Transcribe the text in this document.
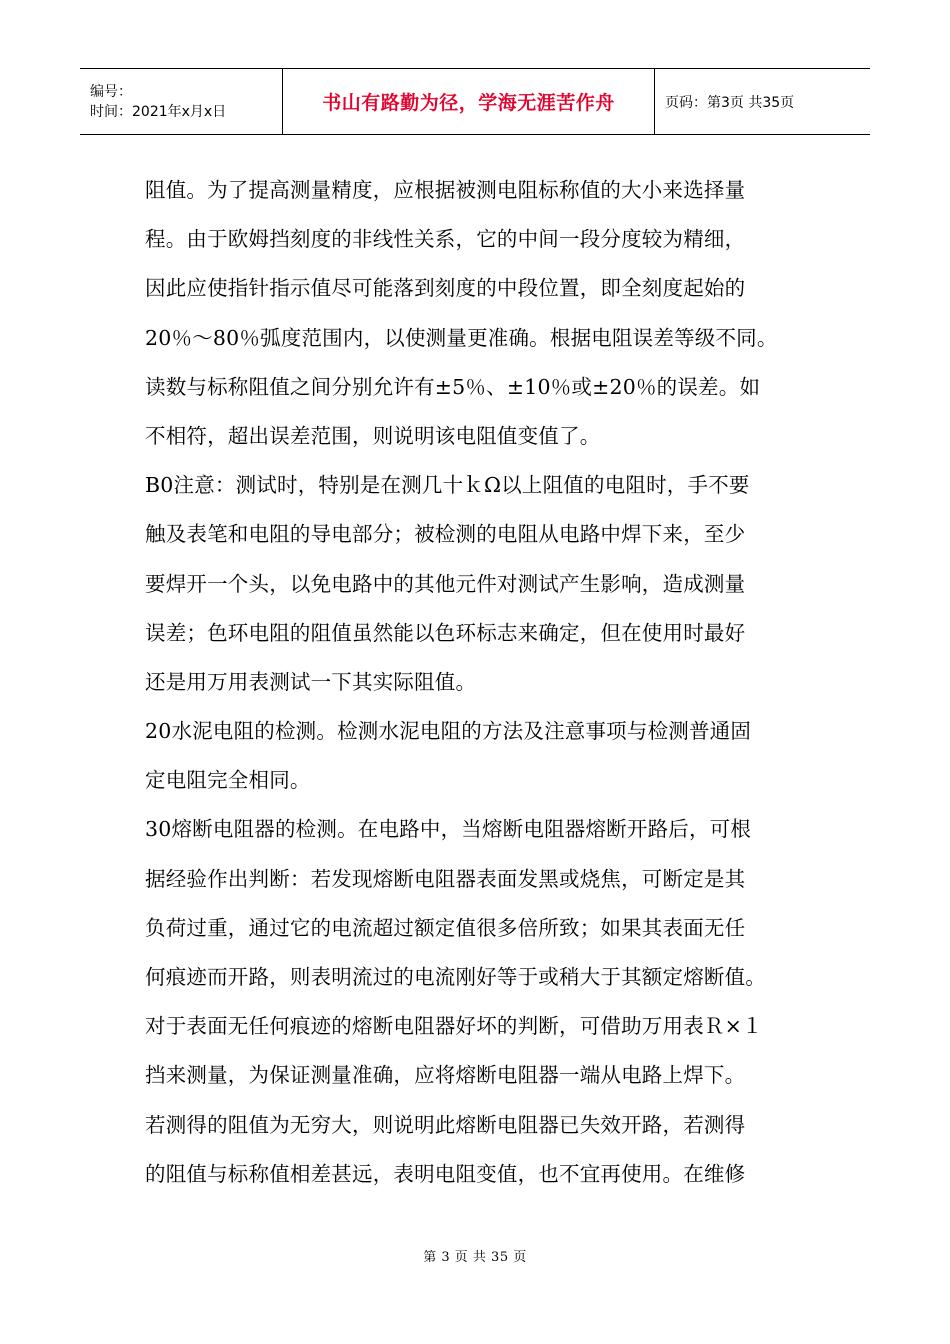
编号：
时间：2021年x月x日	书山有路勤为径，学海无涯苦作舟	页码：第3页 共35页
阻值。为了提高测量精度，应根据被测电阻标称值的大小来选择量
程。由于欧姆挡刻度的非线性关系，它的中间一段分度较为精细，
因此应使指针指示值尽可能落到刻度的中段位置，即全刻度起始的
20％～80％弧度范围内，以使测量更准确。根据电阻误差等级不同。
读数与标称阻值之间分别允许有±5％、±10％或±20％的误差。如
不相符，超出误差范围，则说明该电阻值变值了。
B0注意：测试时，特别是在测几十ｋΩ以上阻值的电阻时，手不要
触及表笔和电阻的导电部分；被检测的电阻从电路中焊下来，至少
要焊开一个头，以免电路中的其他元件对测试产生影响，造成测量
误差；色环电阻的阻值虽然能以色环标志来确定，但在使用时最好
还是用万用表测试一下其实际阻值。
20水泥电阻的检测。检测水泥电阻的方法及注意事项与检测普通固
定电阻完全相同。
30熔断电阻器的检测。在电路中，当熔断电阻器熔断开路后，可根
据经验作出判断：若发现熔断电阻器表面发黑或烧焦，可断定是其
负荷过重，通过它的电流超过额定值很多倍所致；如果其表面无任
何痕迹而开路，则表明流过的电流刚好等于或稍大于其额定熔断值。
对于表面无任何痕迹的熔断电阻器好坏的判断，可借助万用表Ｒ×１
挡来测量，为保证测量准确，应将熔断电阻器一端从电路上焊下。
若测得的阻值为无穷大，则说明此熔断电阻器已失效开路，若测得
的阻值与标称值相差甚远，表明电阻变值，也不宜再使用。在维修
第 3 页 共 35 页
